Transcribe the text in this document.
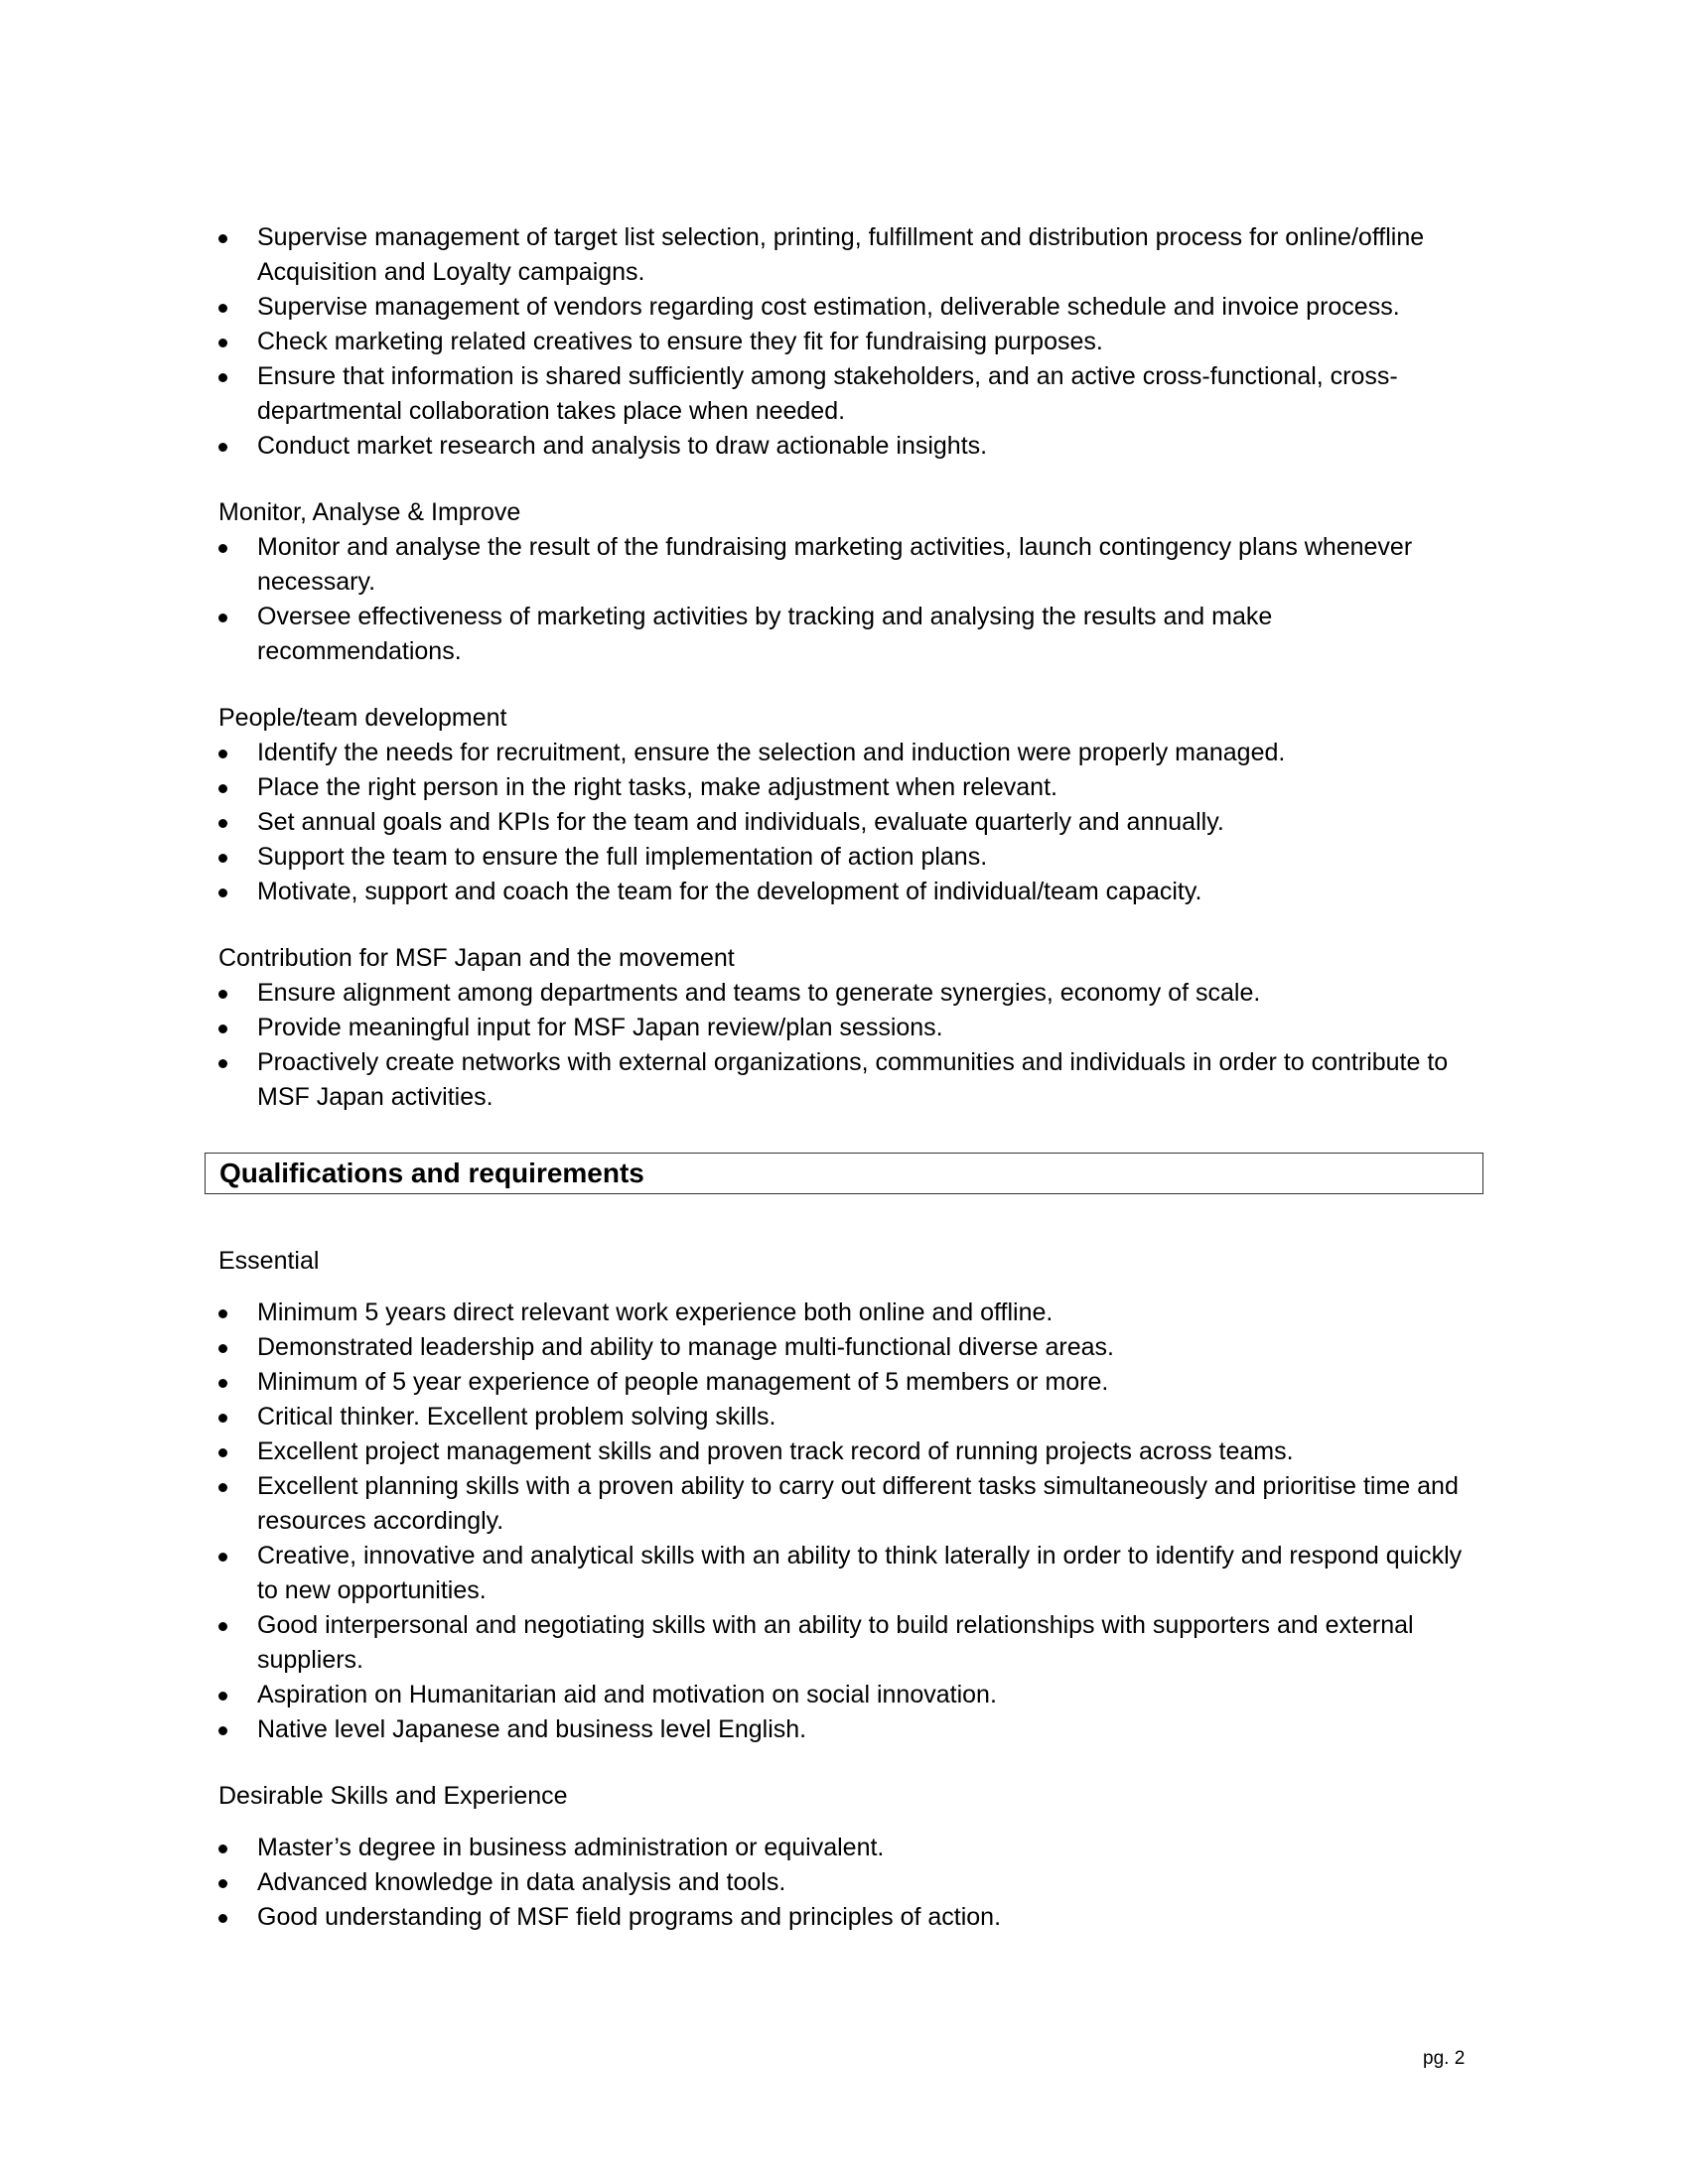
Supervise management of target list selection, printing, fulfillment and distribution process for online/offline Acquisition and Loyalty campaigns.
Supervise management of vendors regarding cost estimation, deliverable schedule and invoice process.
Check marketing related creatives to ensure they fit for fundraising purposes.
Ensure that information is shared sufficiently among stakeholders, and an active cross-functional, cross-departmental collaboration takes place when needed.
Conduct market research and analysis to draw actionable insights.
Monitor, Analyse & Improve
Monitor and analyse the result of the fundraising marketing activities, launch contingency plans whenever necessary.
Oversee effectiveness of marketing activities by tracking and analysing the results and make recommendations.
People/team development
Identify the needs for recruitment, ensure the selection and induction were properly managed.
Place the right person in the right tasks, make adjustment when relevant.
Set annual goals and KPIs for the team and individuals, evaluate quarterly and annually.
Support the team to ensure the full implementation of action plans.
Motivate, support and coach the team for the development of individual/team capacity.
Contribution for MSF Japan and the movement
Ensure alignment among departments and teams to generate synergies, economy of scale.
Provide meaningful input for MSF Japan review/plan sessions.
Proactively create networks with external organizations, communities and individuals in order to contribute to MSF Japan activities.
Qualifications and requirements
Essential
Minimum 5 years direct relevant work experience both online and offline.
Demonstrated leadership and ability to manage multi-functional diverse areas.
Minimum of 5 year experience of people management of 5 members or more.
Critical thinker. Excellent problem solving skills.
Excellent project management skills and proven track record of running projects across teams.
Excellent planning skills with a proven ability to carry out different tasks simultaneously and prioritise time and resources accordingly.
Creative, innovative and analytical skills with an ability to think laterally in order to identify and respond quickly to new opportunities.
Good interpersonal and negotiating skills with an ability to build relationships with supporters and external suppliers.
Aspiration on Humanitarian aid and motivation on social innovation.
Native level Japanese and business level English.
Desirable Skills and Experience
Master’s degree in business administration or equivalent.
Advanced knowledge in data analysis and tools.
Good understanding of MSF field programs and principles of action.
pg. 2
